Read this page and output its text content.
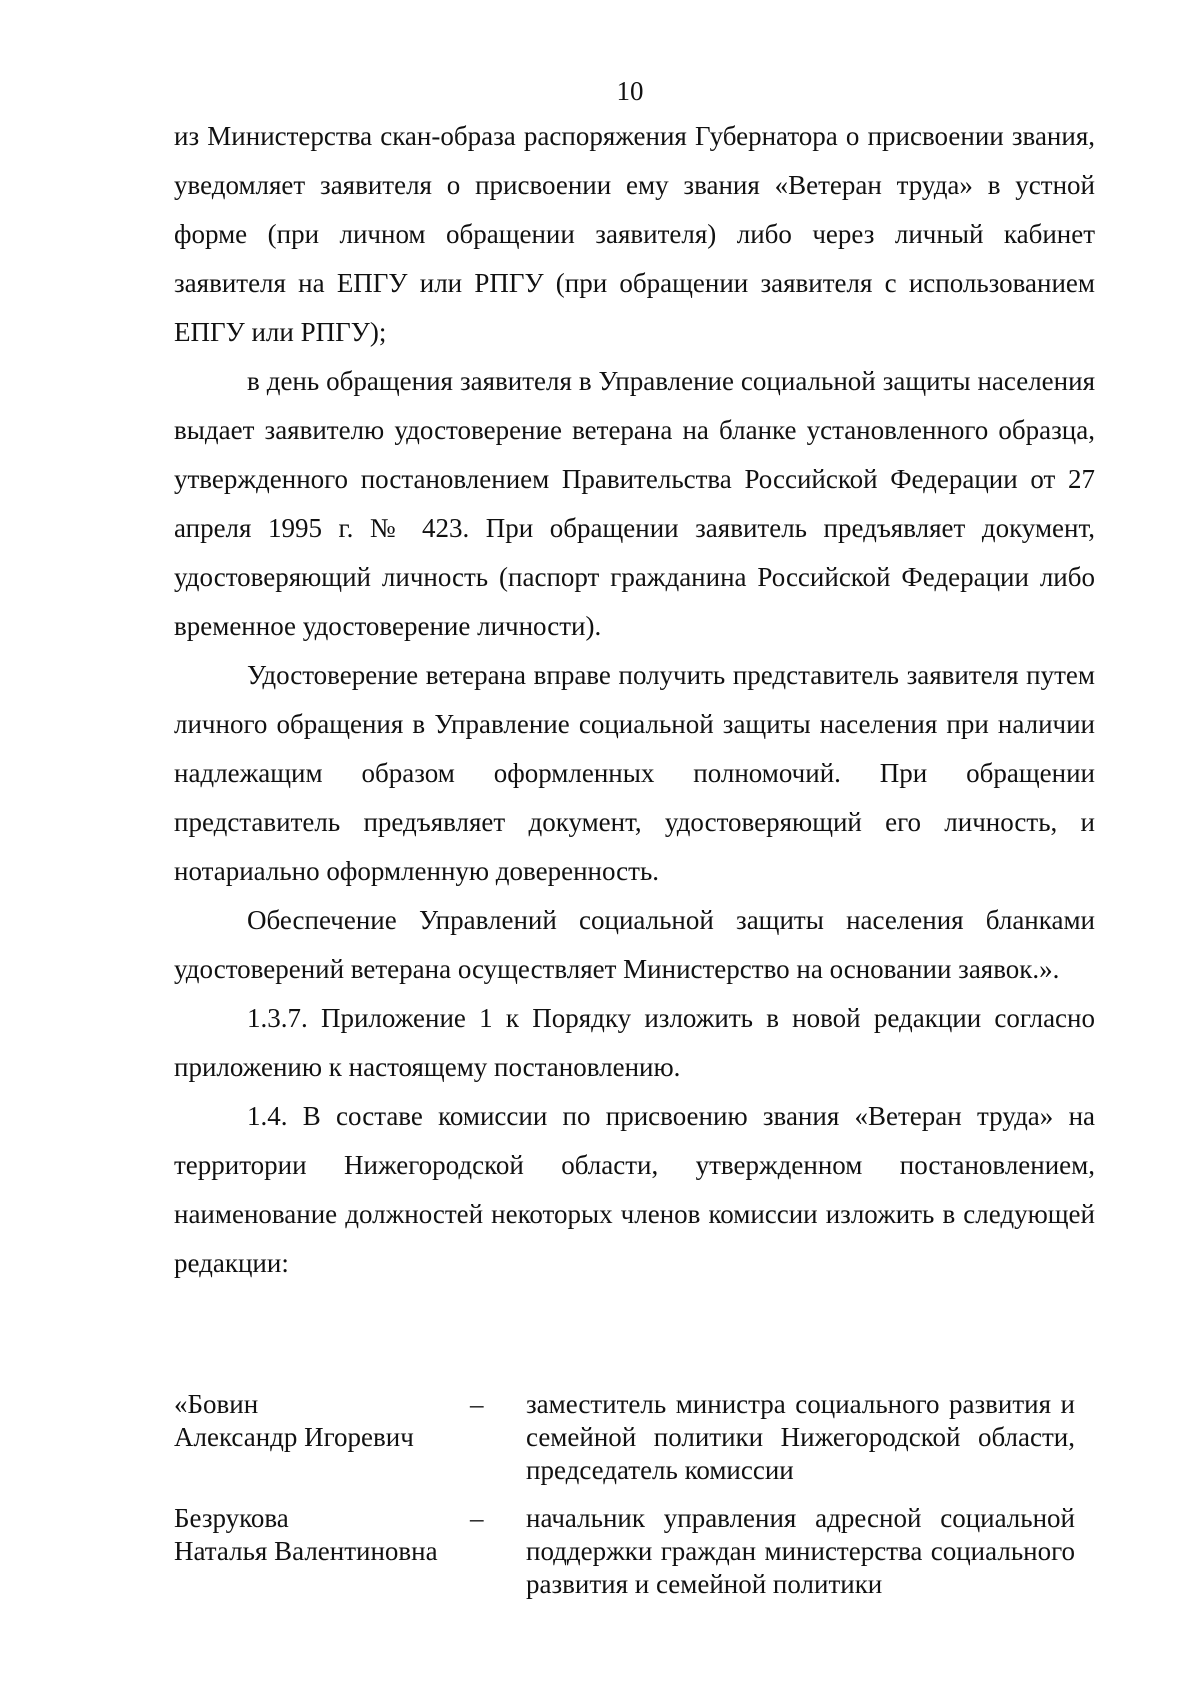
10

из Министерства скан-образа распоряжения Губернатора о присвоении звания, уведомляет заявителя о присвоении ему звания «Ветеран труда» в устной форме (при личном обращении заявителя) либо через личный кабинет заявителя на ЕПГУ или РПГУ (при обращении заявителя с использованием ЕПГУ или РПГУ);

в день обращения заявителя в Управление социальной защиты населения выдает заявителю удостоверение ветерана на бланке установленного образца, утвержденного постановлением Правительства Российской Федерации от 27 апреля 1995 г. № 423. При обращении заявитель предъявляет документ, удостоверяющий личность (паспорт гражданина Российской Федерации либо временное удостоверение личности).

Удостоверение ветерана вправе получить представитель заявителя путем личного обращения в Управление социальной защиты населения при наличии надлежащим образом оформленных полномочий. При обращении представитель предъявляет документ, удостоверяющий его личность, и нотариально оформленную доверенность.

Обеспечение Управлений социальной защиты населения бланками удостоверений ветерана осуществляет Министерство на основании заявок.».

1.3.7. Приложение 1 к Порядку изложить в новой редакции согласно приложению к настоящему постановлению.

1.4. В составе комиссии по присвоению звания «Ветеран труда» на территории Нижегородской области, утвержденном постановлением, наименование должностей некоторых членов комиссии изложить в следующей редакции:

«Бовин
Александр Игоревич
–	заместитель министра социального развития и семейной политики Нижегородской области, председатель комиссии
Безрукова
Наталья Валентиновна
–	начальник управления адресной социальной поддержки граждан министерства социального развития и семейной политики
